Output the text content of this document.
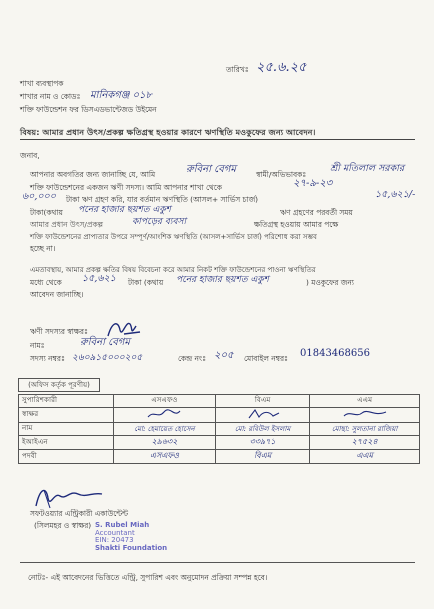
তারিখঃ ২৫.৬.২৫
শাখা ব্যবস্থাপক
শাখার নাম ও কোডঃ মানিকগঞ্জ ০১৮
শক্তি ফাউন্ডেশন ফর ডিসএডভান্টেজড উইমেন
বিষয়: আমার প্রধান উৎস/প্রকল্প ক্ষতিগ্রস্থ হওয়ার কারণে ঋণস্থিতি মওকুফের জন্য আবেদন।
জনাব,
আপনার অবগতির জন্য জানাচ্ছি যে, আমি	রুবিনা বেগম	স্বামী/অভিভাবকঃ
শ্রী মতিলাল সরকার
শক্তি ফাউন্ডেশনের একজন ঋণী সদস্য। আমি আপনার শাখা থেকে	২৭-৯-২৩
৬০,০০০ টাকা ঋণ গ্রহণ করি, যার বর্তমান ঋণস্থিতি (আসল+ সার্ভিস চার্জ)	১৫,৬২১/-
টাকা(কথায় পনের হাজার ছয়শত একুশ	ঋণ গ্রহণের পরবর্তী সময়
আমার প্রধান উৎস/প্রকল্প	কাপড়ের ব্যবসা	ক্ষতিগ্রস্থ হওয়ায় আমার পক্ষে
শক্তি ফাউন্ডেশনের প্রাপ্যতার উপরে সম্পূর্ণ/আংশিক ঋণস্থিতি (আসল+সার্ভিস চার্জ) পরিশোধ করা সম্ভব
হচ্ছে না।
এমতাবস্থায়, আমার প্রকল্প ক্ষতির বিষয় বিবেচনা করে আমার নিকট শক্তি ফাউন্ডেশনের পাওনা ঋণস্থিতির
মধ্যে থেকে ১৫,৬২১ টাকা (কথায় পনের হাজার ছয়শত একুশ	) মওকুফের জন্য
আবেদন জানাচ্ছি।
ঋণী সদস্যর স্বাক্ষরঃ
নামঃ	রুবিনা বেগম
সদস্য নম্বরঃ ২৬০৯১৫০০০২০৫	কেন্দ্র নংঃ ২০৫ মোবাইল নম্বরঃ 01843468656
(অফিস কর্তৃক পূরণীয়)
সুপারিশকারী	এসএফও	বিএম	এএম
স্বাক্ষর			
নাম	মো: হেমায়েত হোসেন	মো: রবিউল ইসলাম	মোছা: সুলতানা রাজিয়া
ইআইএন	২৯৬৩২	৩৩৯৭১	২৭৫২৪
পদবী	এসএফও	বিএম	এএম
সফটওয়্যার এন্ট্রিকারী একাউন্টেন্ট
(সিলমহর ও স্বাক্ষর) S. Rubel Miah
Accountant
EIN: 20473
Shakti Foundation
নোটঃ- এই আবেদনের ভিত্তিতে এন্ট্রি, সুপারিশ এবং অনুমোদন প্রক্রিয়া সম্পন্ন হবে।
